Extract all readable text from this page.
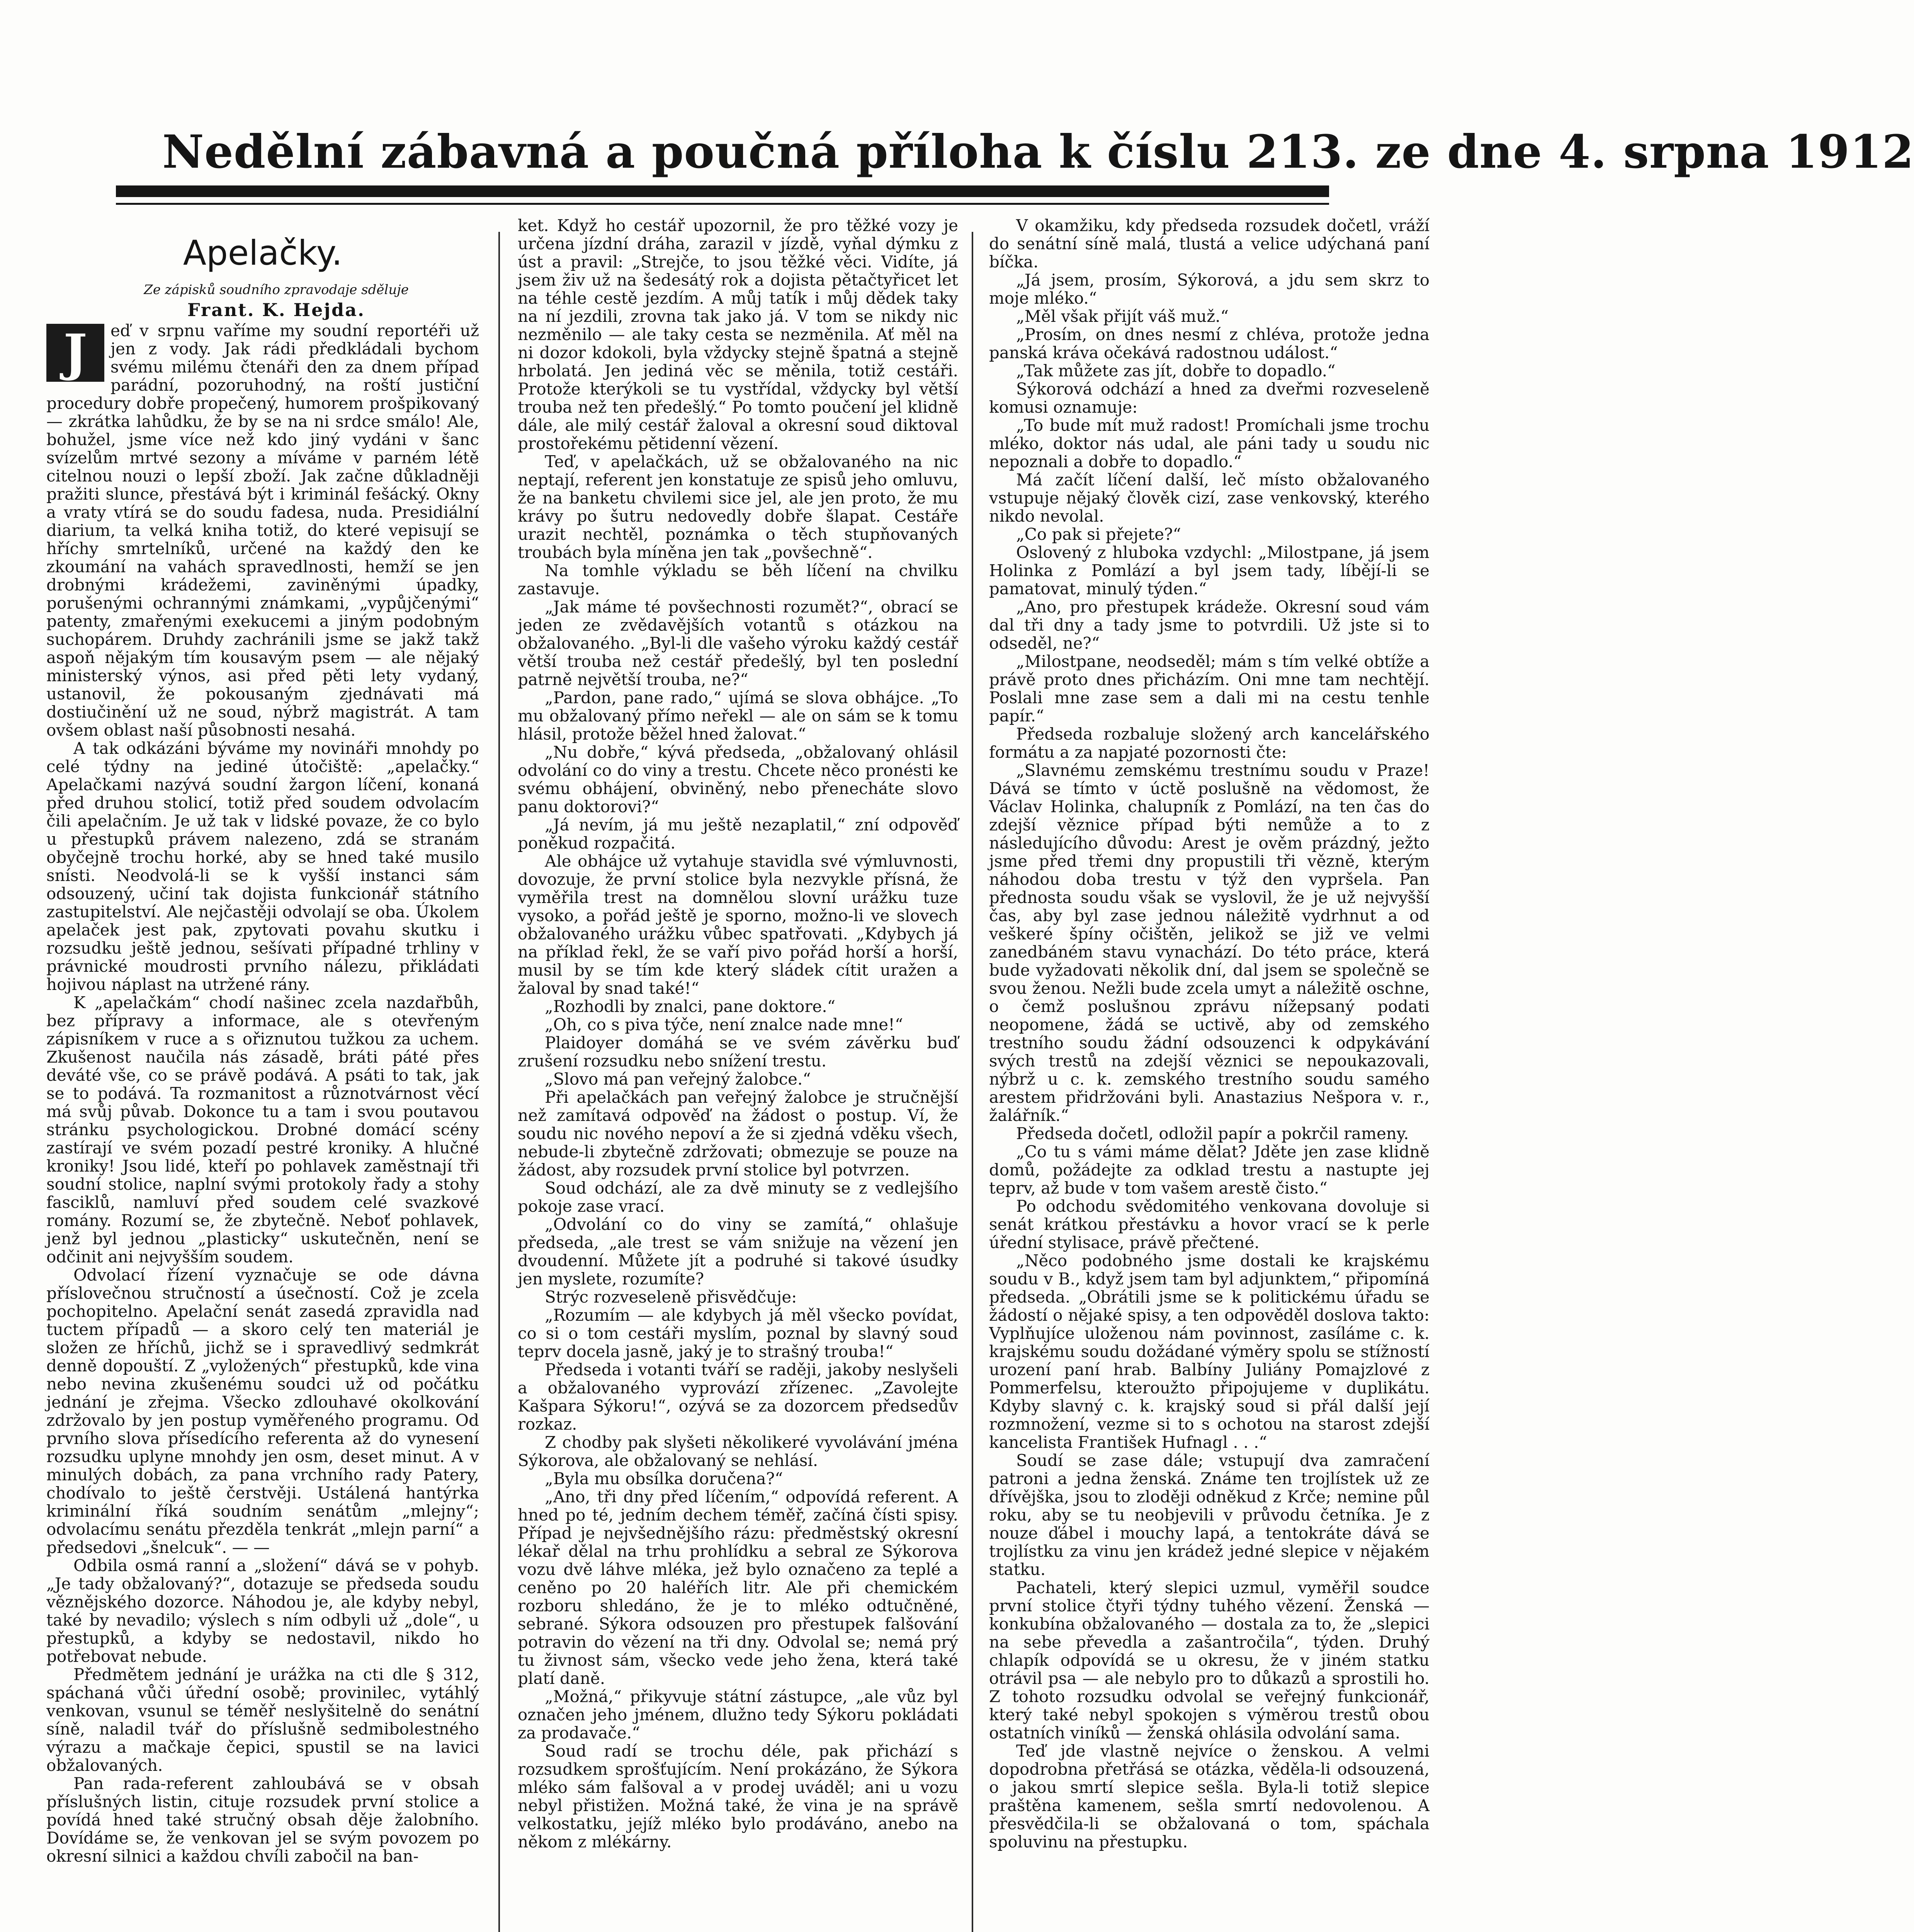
Nedělní zábavná a poučná příloha k číslu 213. ze dne 4. srpna 1912
Apelačky.

Ze zápisků soudního zpravodaje sděluje

Frant. K. Hejda.

J	eď v srpnu vaříme my soudní reportéři už jen z vody. Jak rádi předkládali bychom svému milému čtenáři den za dnem případ parádní, pozoruhodný, na roští justiční procedury dobře propečený, humorem prošpikovaný — zkrátka lahůdku, že by se na ni srdce smálo! Ale, bohužel, jsme více než kdo jiný vydáni v šanc svízelům mrtvé sezony a míváme v parném létě citelnou nouzi o lepší zboží. Jak začne důkladněji pražiti slunce, přestává být i kriminál fešácký. Okny a vraty vtírá se do soudu fadesa, nuda. Presidiální diarium, ta velká kniha totiž, do které vepisují se hříchy smrtelníků, určené na každý den ke zkoumání na vahách spravedlnosti, hemží se jen drobnými krádežemi, zaviněnými úpadky, porušenými ochrannými známkami, „vypůjčenými“ patenty, zmařenými exekucemi a jiným podobným suchopárem. Druhdy zachránili jsme se jakž takž aspoň nějakým tím kousavým psem — ale nějaký ministerský výnos, asi před pěti lety vydaný, ustanovil, že pokousaným zjednávati má dostiučinění už ne soud, nýbrž magistrát. A tam ovšem oblast naší působnosti nesahá.

A tak odkázáni býváme my novináři mnohdy po celé týdny na jediné útočiště: „apelačky.“ Apelačkami nazývá soudní žargon líčení, konaná před druhou stolicí, totiž před soudem odvolacím čili apelačním. Je už tak v lidské povaze, že co bylo u přestupků právem nalezeno, zdá se stranám obyčejně trochu horké, aby se hned také musilo snísti. Neodvolá-li se k vyšší instanci sám odsouzený, učiní tak dojista funkcionář státního zastupitelství. Ale nejčastěji odvolají se oba. Úkolem apelaček jest pak, zpytovati povahu skutku i rozsudku ještě jednou, sešívati případné trhliny v právnické moudrosti prvního nálezu, přikládati hojivou náplast na utržené rány.

K „apelačkám“ chodí našinec zcela nazdařbůh, bez přípravy a informace, ale s otevřeným zápisníkem v ruce a s ořiznutou tužkou za uchem. Zkušenost naučila nás zásadě, bráti páté přes deváté vše, co se právě podává. A psáti to tak, jak se to podává. Ta rozmanitost a různotvárnost věcí má svůj půvab. Dokonce tu a tam i svou poutavou stránku psychologickou. Drobné domácí scény zastírají ve svém pozadí pestré kroniky. A hlučné kroniky! Jsou lidé, kteří po pohlavek zaměstnají tři soudní stolice, naplní svými protokoly řady a stohy fasciklů, namluví před soudem celé svazkové romány. Rozumí se, že zbytečně. Neboť pohlavek, jenž byl jednou „plasticky“ uskutečněn, není se odčinit ani nejvyšším soudem.

Odvolací řízení vyznačuje se ode dávna příslovečnou stručností a úsečností. Což je zcela pochopitelno. Apelační senát zasedá zpravidla nad tuctem případů — a skoro celý ten materiál je složen ze hříchů, jichž se i spravedlivý sedmkrát denně dopouští. Z „vyložených“ přestupků, kde vina nebo nevina zkušenému soudci už od počátku jednání je zřejma. Všecko zdlouhavé okolkování zdržovalo by jen postup vyměřeného programu. Od prvního slova přísedícího referenta až do vynesení rozsudku uplyne mnohdy jen osm, deset minut. A v minulých dobách, za pana vrchního rady Patery, chodívalo to ještě čerstvěji. Ustálená hantýrka kriminální říká soudním senátům „mlejny“; odvolacímu senátu přezděla tenkrát „mlejn parní“ a předsedovi „šnelcuk“. — —

Odbila osmá ranní a „složení“ dává se v pohyb. „Je tady obžalovaný?“, dotazuje se předseda soudu věznějského dozorce. Náhodou je, ale kdyby nebyl, také by nevadilo; výslech s ním odbyli už „dole“, u přestupků, a kdyby se nedostavil, nikdo ho potřebovat nebude.

Předmětem jednání je urážka na cti dle § 312, spáchaná vůči úřední osobě; provinilec, vytáhlý venkovan, vsunul se téměř neslyšitelně do senátní síně, naladil tvář do příslušně sedmibolestného výrazu a mačkaje čepici, spustil se na lavici obžalovaných.

Pan rada-referent zahloubává se v obsah příslušných listin, cituje rozsudek první stolice a povídá hned také stručný obsah děje žalobního. Dovídáme se, že venkovan jel se svým povozem po okresní silnici a každou chvíli zabočil na ban-

ket. Když ho cestář upozornil, že pro těžké vozy je určena jízdní dráha, zarazil v jízdě, vyňal dýmku z úst a pravil: „Strejče, to jsou těžké věci. Vidíte, já jsem živ už na šedesátý rok a dojista pětačtyřicet let na téhle cestě jezdím. A můj tatík i můj dědek taky na ní jezdili, zrovna tak jako já. V tom se nikdy nic nezměnilo — ale taky cesta se nezměnila. Ať měl na ni dozor kdokoli, byla vždycky stejně špatná a stejně hrbolatá. Jen jediná věc se měnila, totiž cestáři. Protože kterýkoli se tu vystřídal, vždycky byl větší trouba než ten předešlý.“ Po tomto poučení jel klidně dále, ale milý cestář žaloval a okresní soud diktoval prostořekému pětidenní vězení.

Teď, v apelačkách, už se obžalovaného na nic neptají, referent jen konstatuje ze spisů jeho omluvu, že na banketu chvilemi sice jel, ale jen proto, že mu krávy po šutru nedovedly dobře šlapat. Cestáře urazit nechtěl, poznámka o těch stupňovaných troubách byla míněna jen tak „povšechně“.

Na tomhle výkladu se běh líčení na chvilku zastavuje.

„Jak máme té povšechnosti rozumět?“, obrací se jeden ze zvědavějších votantů s otázkou na obžalovaného. „Byl-li dle vašeho výroku každý cestář větší trouba než cestář předešlý, byl ten poslední patrně největší trouba, ne?“

„Pardon, pane rado,“ ujímá se slova obhájce. „To mu obžalovaný přímo neřekl — ale on sám se k tomu hlásil, protože běžel hned žalovat.“

„Nu dobře,“ kývá předseda, „obžalovaný ohlásil odvolání co do viny a trestu. Chcete něco pronésti ke svému obhájení, obviněný, nebo přenecháte slovo panu doktorovi?“

„Já nevím, já mu ještě nezaplatil,“ zní odpověď poněkud rozpačitá.

Ale obhájce už vytahuje stavidla své výmluvnosti, dovozuje, že první stolice byla nezvykle přísná, že vyměřila trest na domnělou slovní urážku tuze vysoko, a pořád ještě je sporno, možno-li ve slovech obžalovaného urážku vůbec spatřovati. „Kdybych já na příklad řekl, že se vaří pivo pořád horší a horší, musil by se tím kde který sládek cítit uražen a žaloval by snad také!“

„Rozhodli by znalci, pane doktore.“

„Oh, co s piva týče, není znalce nade mne!“

Plaidoyer domáhá se ve svém závěrku buď zrušení rozsudku nebo snížení trestu.

„Slovo má pan veřejný žalobce.“

Při apelačkách pan veřejný žalobce je stručnější než zamítavá odpověď na žádost o postup. Ví, že soudu nic nového nepoví a že si zjedná vděku všech, nebude-li zbytečně zdržovati; obmezuje se pouze na žádost, aby rozsudek první stolice byl potvrzen.

Soud odchází, ale za dvě minuty se z vedlejšího pokoje zase vrací.

„Odvolání co do viny se zamítá,“ ohlašuje předseda, „ale trest se vám snižuje na vězení jen dvoudenní. Můžete jít a podruhé si takové úsudky jen myslete, rozumíte?

Strýc rozveseleně přisvědčuje:

„Rozumím — ale kdybych já měl všecko povídat, co si o tom cestáři myslím, poznal by slavný soud teprv docela jasně, jaký je to strašný trouba!“

Předseda i votanti tváří se raději, jakoby neslyšeli a obžalovaného vyprovází zřízenec. „Zavolejte Kašpara Sýkoru!“, ozývá se za dozorcem předsedův rozkaz.

Z chodby pak slyšeti několikeré vyvolávání jména Sýkorova, ale obžalovaný se nehlásí.

„Byla mu obsílka doručena?“

„Ano, tři dny před líčením,“ odpovídá referent. A hned po té, jedním dechem téměř, začíná čísti spisy. Případ je nejvšednějšího rázu: předměstský okresní lékař dělal na trhu prohlídku a sebral ze Sýkorova vozu dvě láhve mléka, jež bylo označeno za teplé a ceněno po 20 haléřích litr. Ale při chemickém rozboru shledáno, že je to mléko odtučněné, sebrané. Sýkora odsouzen pro přestupek falšování potravin do vězení na tři dny. Odvolal se; nemá prý tu živnost sám, všecko vede jeho žena, která také platí daně.

„Možná,“ přikyvuje státní zástupce, „ale vůz byl označen jeho jménem, dlužno tedy Sýkoru pokládati za prodavače.“

Soud radí se trochu déle, pak přichází s rozsudkem sprošťujícím. Není prokázáno, že Sýkora mléko sám falšoval a v prodej uváděl; ani u vozu nebyl přistižen. Možná také, že vina je na správě velkostatku, jejíž mléko bylo prodáváno, anebo na někom z mlékárny.

V okamžiku, kdy předseda rozsudek dočetl, vráží do senátní síně malá, tlustá a velice udýchaná paní bíčka.

„Já jsem, prosím, Sýkorová, a jdu sem skrz to moje mléko.“

„Měl však přijít váš muž.“

„Prosím, on dnes nesmí z chléva, protože jedna panská kráva očekává radostnou událost.“

„Tak můžete zas jít, dobře to dopadlo.“

Sýkorová odchází a hned za dveřmi rozveseleně komusi oznamuje:

„To bude mít muž radost! Promíchali jsme trochu mléko, doktor nás udal, ale páni tady u soudu nic nepoznali a dobře to dopadlo.“

Má začít líčení další, leč místo obžalovaného vstupuje nějaký člověk cizí, zase venkovský, kterého nikdo nevolal.

„Co pak si přejete?“

Oslovený z hluboka vzdychl: „Milostpane, já jsem Holinka z Pomlází a byl jsem tady, líbějí-li se pamatovat, minulý týden.“

„Ano, pro přestupek krádeže. Okresní soud vám dal tři dny a tady jsme to potvrdili. Už jste si to odseděl, ne?“

„Milostpane, neodseděl; mám s tím velké obtíže a právě proto dnes přicházím. Oni mne tam nechtějí. Poslali mne zase sem a dali mi na cestu tenhle papír.“

Předseda rozbaluje složený arch kancelářského formátu a za napjaté pozornosti čte:

„Slavnému zemskému trestnímu soudu v Praze! Dává se tímto v úctě poslušně na vědomost, že Václav Holinka, chalupník z Pomlází, na ten čas do zdejší věznice případ býti nemůže a to z následujícího důvodu: Arest je ověm prázdný, ježto jsme před třemi dny propustili tři vězně, kterým náhodou doba trestu v týž den vypršela. Pan přednosta soudu však se vyslovil, že je už nejvyšší čas, aby byl zase jednou náležitě vydrhnut a od veškeré špíny očištěn, jelikož se již ve velmi zanedbáném stavu vynachází. Do této práce, která bude vyžadovati několik dní, dal jsem se společně se svou ženou. Nežli bude zcela umyt a náležitě oschne, o čemž poslušnou zprávu nížepsaný podati neopomene, žádá se uctivě, aby od zemského trestního soudu žádní odsouzenci k odpykávání svých trestů na zdejší věznici se nepoukazovali, nýbrž u c. k. zemského trestního soudu samého arestem přidržováni byli. Anastazius Nešpora v. r., žalářník.“

Předseda dočetl, odložil papír a pokrčil rameny.

„Co tu s vámi máme dělat? Jděte jen zase klidně domů, požádejte za odklad trestu a nastupte jej teprv, až bude v tom vašem arestě čisto.“

Po odchodu svědomitého venkovana dovoluje si senát krátkou přestávku a hovor vrací se k perle úřední stylisace, právě přečtené.

„Něco podobného jsme dostali ke krajskému soudu v B., když jsem tam byl adjunktem,“ připomíná předseda. „Obrátili jsme se k politickému úřadu se žádostí o nějaké spisy, a ten odpověděl doslova takto: Vyplňujíce uloženou nám povinnost, zasíláme c. k. krajskému soudu dožádané výměry spolu se stížností urození paní hrab. Balbíny Juliány Pomajzlové z Pommerfelsu, kteroužto připojujeme v duplikátu. Kdyby slavný c. k. krajský soud si přál další její rozmnožení, vezme si to s ochotou na starost zdejší kancelista František Hufnagl . . .“

Soudí se zase dále; vstupují dva zamračení patroni a jedna ženská. Známe ten trojlístek už ze dřívějška, jsou to zloději odněkud z Krče; nemine půl roku, aby se tu neobjevili v průvodu četníka. Je z nouze ďábel i mouchy lapá, a tentokráte dává se trojlístku za vinu jen krádež jedné slepice v nějakém statku.

Pachateli, který slepici uzmul, vyměřil soudce první stolice čtyři týdny tuhého vězení. Ženská — konkubína obžalovaného — dostala za to, že „slepici na sebe převedla a zašantročila“, týden. Druhý chlapík odpovídá se u okresu, že v jiném statku otrávil psa — ale nebylo pro to důkazů a sprostili ho. Z tohoto rozsudku odvolal se veřejný funkcionář, který také nebyl spokojen s výměrou trestů obou ostatních viníků — ženská ohlásila odvolání sama.

Teď jde vlastně nejvíce o ženskou. A velmi dopodrobna přetřásá se otázka, věděla-li odsouzená, o jakou smrtí slepice sešla. Byla-li totiž slepice praštěna kamenem, sešla smrtí nedovolenou. A přesvědčila-li se obžalovaná o tom, spáchala spoluvinu na přestupku.
